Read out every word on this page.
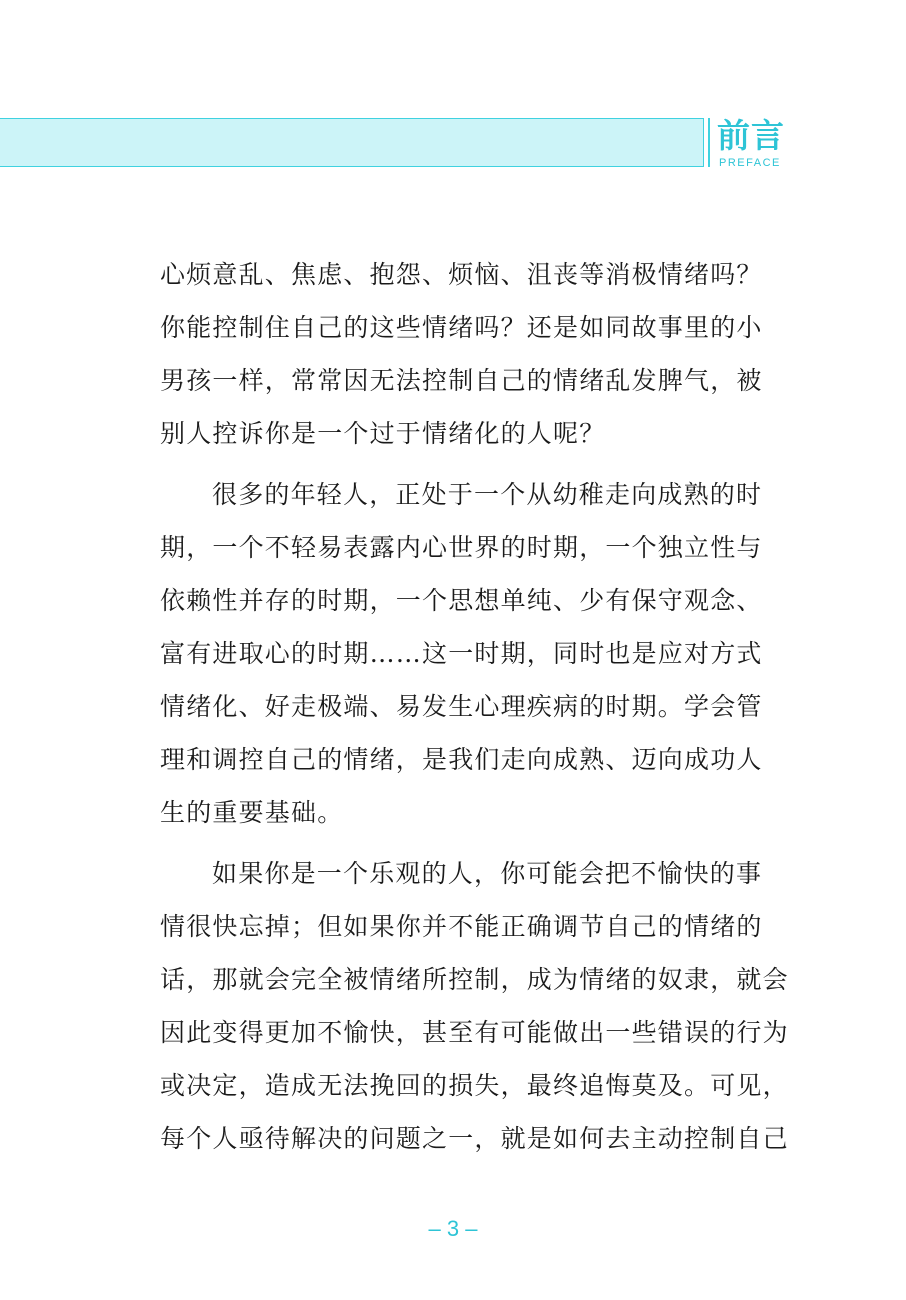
前言
PREFACE
心烦意乱、焦虑、抱怨、烦恼、沮丧等消极情绪吗？
你能控制住自己的这些情绪吗？还是如同故事里的小
男孩一样，常常因无法控制自己的情绪乱发脾气，被
别人控诉你是一个过于情绪化的人呢？
很多的年轻人，正处于一个从幼稚走向成熟的时
期，一个不轻易表露内心世界的时期，一个独立性与
依赖性并存的时期，一个思想单纯、少有保守观念、
富有进取心的时期……这一时期，同时也是应对方式
情绪化、好走极端、易发生心理疾病的时期。学会管
理和调控自己的情绪，是我们走向成熟、迈向成功人
生的重要基础。
如果你是一个乐观的人，你可能会把不愉快的事
情很快忘掉；但如果你并不能正确调节自己的情绪的
话，那就会完全被情绪所控制，成为情绪的奴隶，就会
因此变得更加不愉快，甚至有可能做出一些错误的行为
或决定，造成无法挽回的损失，最终追悔莫及。可见，
每个人亟待解决的问题之一，就是如何去主动控制自己
– 3 –
